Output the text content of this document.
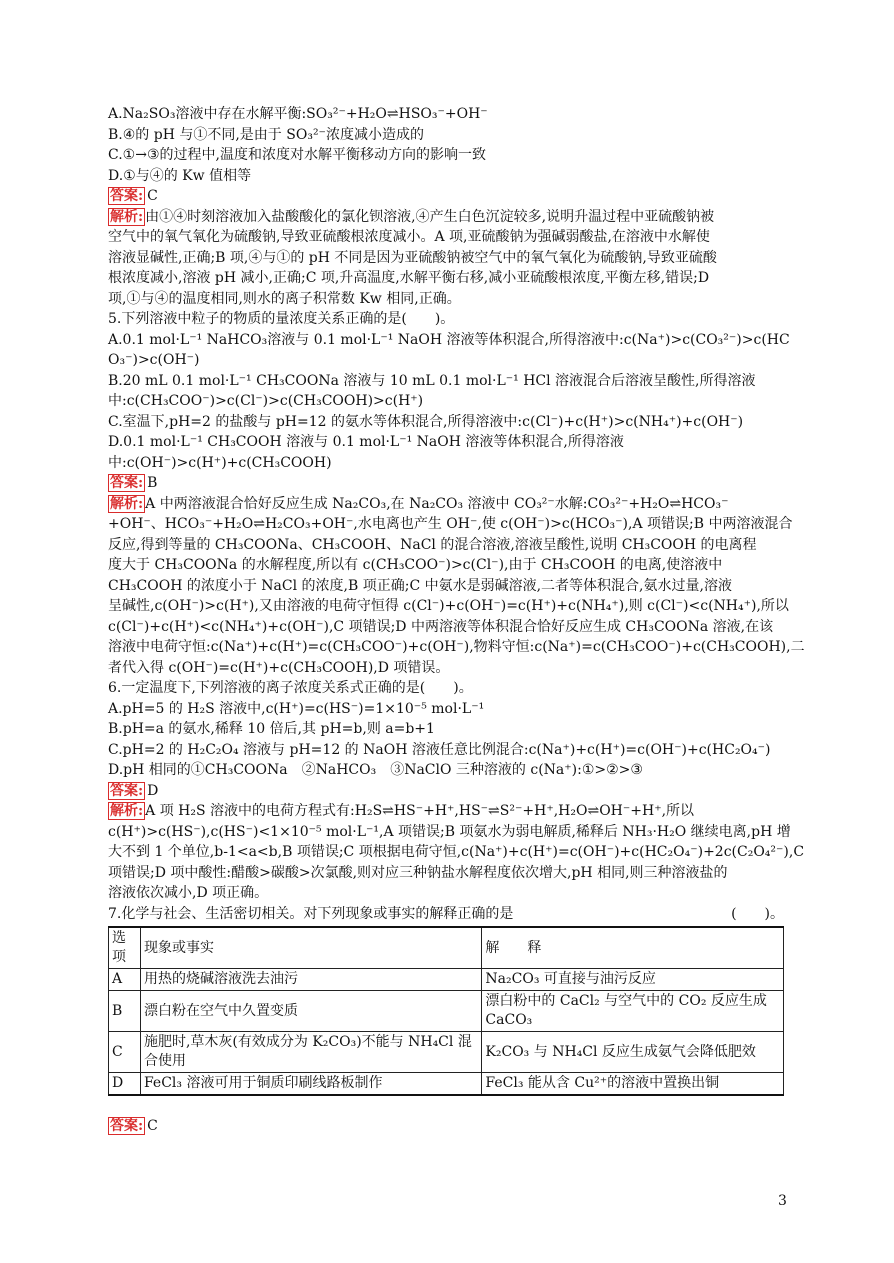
A.Na₂SO₃溶液中存在水解平衡:SO₃²⁻+H₂O⇌HSO₃⁻+OH⁻
B.④的 pH 与①不同,是由于 SO₃²⁻浓度减小造成的
C.①→③的过程中,温度和浓度对水解平衡移动方向的影响一致
D.①与④的 Kw 值相等
答案: C
解析: 由①④时刻溶液加入盐酸酸化的氯化钡溶液,④产生白色沉淀较多,说明升温过程中亚硫酸钠被
空气中的氧气氧化为硫酸钠,导致亚硫酸根浓度减小。A 项,亚硫酸钠为强碱弱酸盐,在溶液中水解使
溶液显碱性,正确;B 项,④与①的 pH 不同是因为亚硫酸钠被空气中的氧气氧化为硫酸钠,导致亚硫酸
根浓度减小,溶液 pH 减小,正确;C 项,升高温度,水解平衡右移,减小亚硫酸根浓度,平衡左移,错误;D
项,①与④的温度相同,则水的离子积常数 Kw 相同,正确。
5.下列溶液中粒子的物质的量浓度关系正确的是(　　)。
A.0.1 mol·L⁻¹ NaHCO₃溶液与 0.1 mol·L⁻¹ NaOH 溶液等体积混合,所得溶液中:c(Na⁺)>c(CO₃²⁻)>c(HC
O₃⁻)>c(OH⁻)
B.20 mL 0.1 mol·L⁻¹ CH₃COONa 溶液与 10 mL 0.1 mol·L⁻¹ HCl 溶液混合后溶液呈酸性,所得溶液
中:c(CH₃COO⁻)>c(Cl⁻)>c(CH₃COOH)>c(H⁺)
C.室温下,pH=2 的盐酸与 pH=12 的氨水等体积混合,所得溶液中:c(Cl⁻)+c(H⁺)>c(NH₄⁺)+c(OH⁻)
D.0.1 mol·L⁻¹ CH₃COOH 溶液与 0.1 mol·L⁻¹ NaOH 溶液等体积混合,所得溶液
中:c(OH⁻)>c(H⁺)+c(CH₃COOH)
答案: B
解析: A 中两溶液混合恰好反应生成 Na₂CO₃,在 Na₂CO₃ 溶液中 CO₃²⁻水解:CO₃²⁻+H₂O⇌HCO₃⁻
+OH⁻、HCO₃⁻+H₂O⇌H₂CO₃+OH⁻,水电离也产生 OH⁻,使 c(OH⁻)>c(HCO₃⁻),A 项错误;B 中两溶液混合
反应,得到等量的 CH₃COONa、CH₃COOH、NaCl 的混合溶液,溶液呈酸性,说明 CH₃COOH 的电离程
度大于 CH₃COONa 的水解程度,所以有 c(CH₃COO⁻)>c(Cl⁻),由于 CH₃COOH 的电离,使溶液中
CH₃COOH 的浓度小于 NaCl 的浓度,B 项正确;C 中氨水是弱碱溶液,二者等体积混合,氨水过量,溶液
呈碱性,c(OH⁻)>c(H⁺),又由溶液的电荷守恒得 c(Cl⁻)+c(OH⁻)=c(H⁺)+c(NH₄⁺),则 c(Cl⁻)<c(NH₄⁺),所以
c(Cl⁻)+c(H⁺)<c(NH₄⁺)+c(OH⁻),C 项错误;D 中两溶液等体积混合恰好反应生成 CH₃COONa 溶液,在该
溶液中电荷守恒:c(Na⁺)+c(H⁺)=c(CH₃COO⁻)+c(OH⁻),物料守恒:c(Na⁺)=c(CH₃COO⁻)+c(CH₃COOH),二
者代入得 c(OH⁻)=c(H⁺)+c(CH₃COOH),D 项错误。
6.一定温度下,下列溶液的离子浓度关系式正确的是(　　)。
A.pH=5 的 H₂S 溶液中,c(H⁺)=c(HS⁻)=1×10⁻⁵ mol·L⁻¹
B.pH=a 的氨水,稀释 10 倍后,其 pH=b,则 a=b+1
C.pH=2 的 H₂C₂O₄ 溶液与 pH=12 的 NaOH 溶液任意比例混合:c(Na⁺)+c(H⁺)=c(OH⁻)+c(HC₂O₄⁻)
D.pH 相同的①CH₃COONa　②NaHCO₃　③NaClO 三种溶液的 c(Na⁺):①>②>③
答案: D
解析: A 项 H₂S 溶液中的电荷方程式有:H₂S⇌HS⁻+H⁺,HS⁻⇌S²⁻+H⁺,H₂O⇌OH⁻+H⁺,所以
c(H⁺)>c(HS⁻),c(HS⁻)<1×10⁻⁵ mol·L⁻¹,A 项错误;B 项氨水为弱电解质,稀释后 NH₃·H₂O 继续电离,pH 增
大不到 1 个单位,b-1<a<b,B 项错误;C 项根据电荷守恒,c(Na⁺)+c(H⁺)=c(OH⁻)+c(HC₂O₄⁻)+2c(C₂O₄²⁻),C
项错误;D 项中酸性:醋酸>碳酸>次氯酸,则对应三种钠盐水解程度依次增大,pH 相同,则三种溶液盐的
溶液依次减小,D 项正确。
7.化学与社会、生活密切相关。对下列现象或事实的解释正确的是	(　　)。
选项	现象或事实	解　　释
A	用热的烧碱溶液洗去油污	Na₂CO₃ 可直接与油污反应
B	漂白粉在空气中久置变质	漂白粉中的 CaCl₂ 与空气中的 CO₂ 反应生成 CaCO₃
C	施肥时,草木灰(有效成分为 K₂CO₃)不能与 NH₄Cl 混合使用	K₂CO₃ 与 NH₄Cl 反应生成氨气会降低肥效
D	FeCl₃ 溶液可用于铜质印刷线路板制作	FeCl₃ 能从含 Cu²⁺的溶液中置换出铜
答案: C
3
